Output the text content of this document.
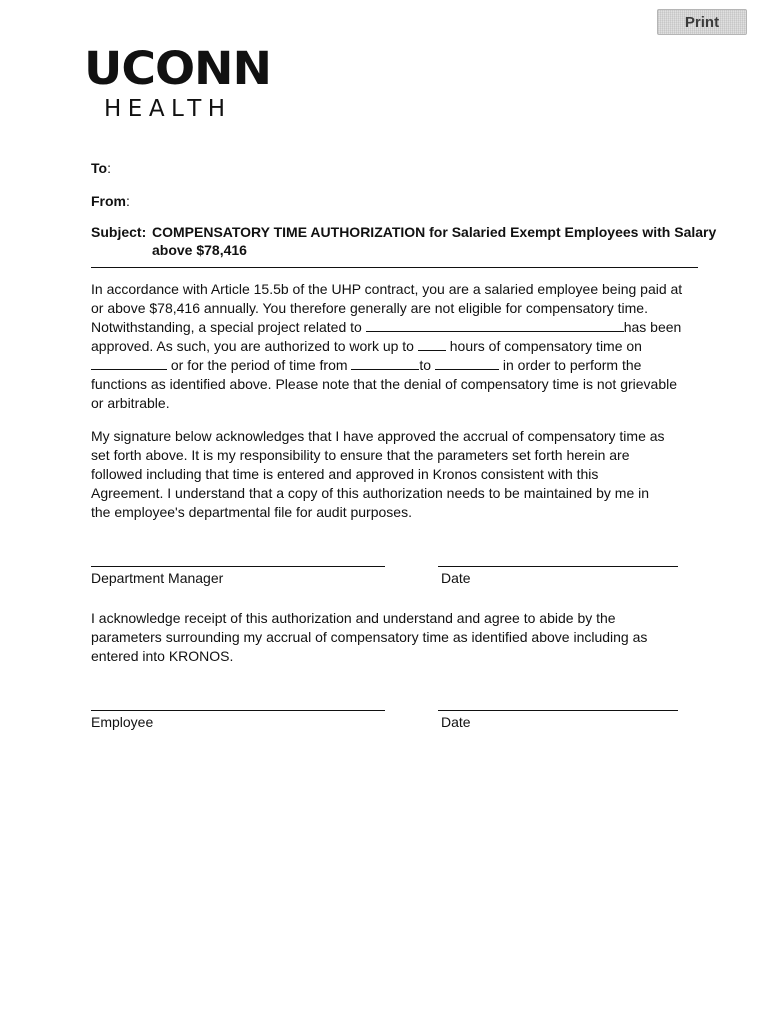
Print
UCONN
HEALTH
To:
From:
Subject: COMPENSATORY TIME AUTHORIZATION for Salaried Exempt Employees with Salary above $78,416

In accordance with Article 15.5b of the UHP contract, you are a salaried employee being paid at or above $78,416 annually. You therefore generally are not eligible for compensatory time. Notwithstanding, a special project related to	has been approved. As such, you are authorized to work up to	hours of compensatory time on  or for the period of time from	to	in order to perform the functions as identified above. Please note that the denial of compensatory time is not grievable or arbitrable.

My signature below acknowledges that I have approved the accrual of compensatory time as set forth above. It is my responsibility to ensure that the parameters set forth herein are followed including that time is entered and approved in Kronos consistent with this Agreement. I understand that a copy of this authorization needs to be maintained by me in the employee's departmental file for audit purposes.

Department Manager	Date

I acknowledge receipt of this authorization and understand and agree to abide by the parameters surrounding my accrual of compensatory time as identified above including as entered into KRONOS.

Employee	Date
